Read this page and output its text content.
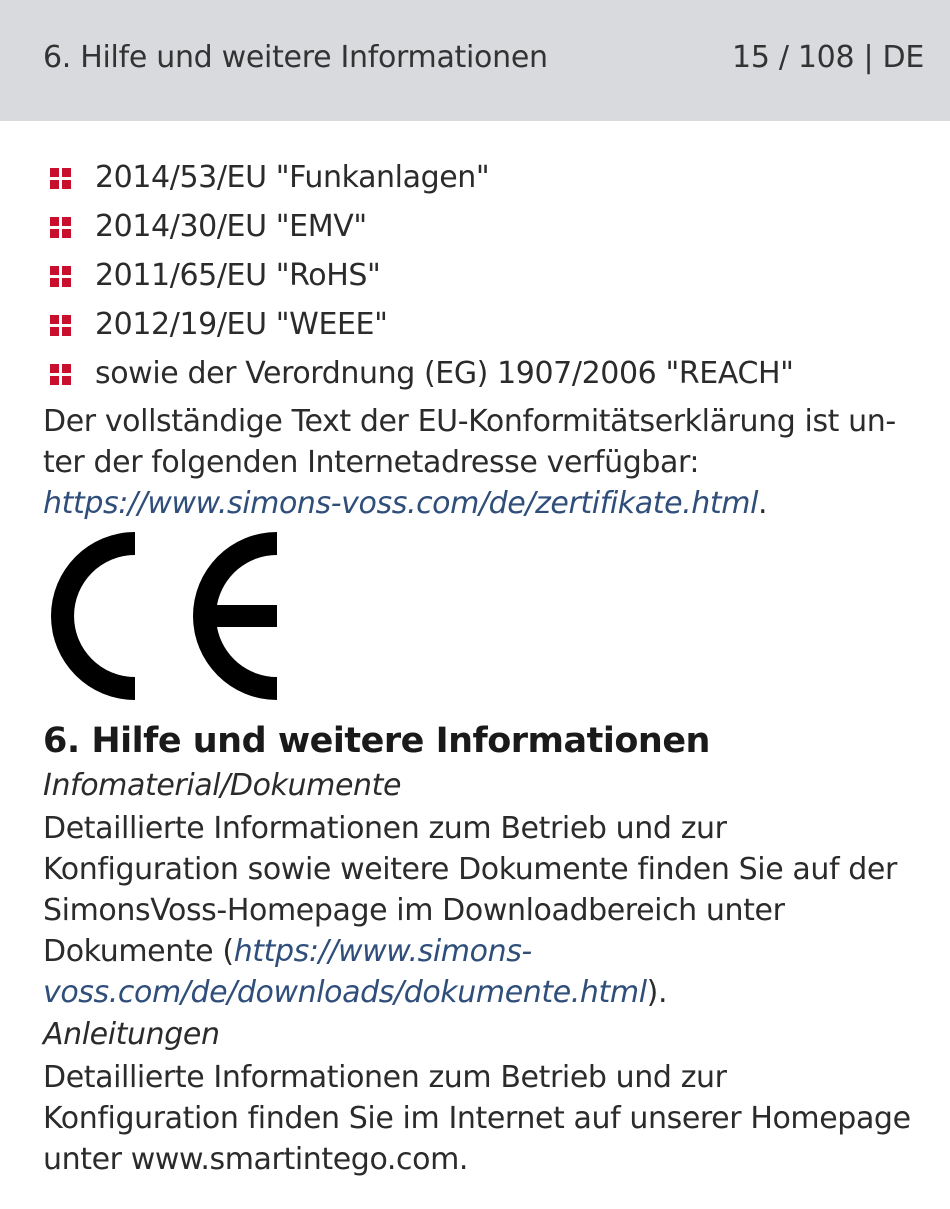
6. Hilfe und weitere Informationen	15 / 108 | DE
2014/53/EU "Funkanlagen"
2014/30/EU "EMV"
2011/65/EU "RoHS"
2012/19/EU "WEEE"
sowie der Verordnung (EG) 1907/2006 "REACH"

Der vollständige Text der EU-Konformitätserklärung ist un-ter der folgenden Internetadresse verfügbar: https://www.simons-voss.com/de/zertifikate.html.

6. Hilfe und weitere Informationen
Infomaterial/Dokumente

Detaillierte Informationen zum Betrieb und zur Konfiguration sowie weitere Dokumente finden Sie auf der SimonsVoss-Homepage im Downloadbereich unter Dokumente (https://www.simons-voss.com/de/downloads/dokumente.html).

Anleitungen

Detaillierte Informationen zum Betrieb und zur Konfiguration finden Sie im Internet auf unserer Homepage unter www.smartintego.com.
